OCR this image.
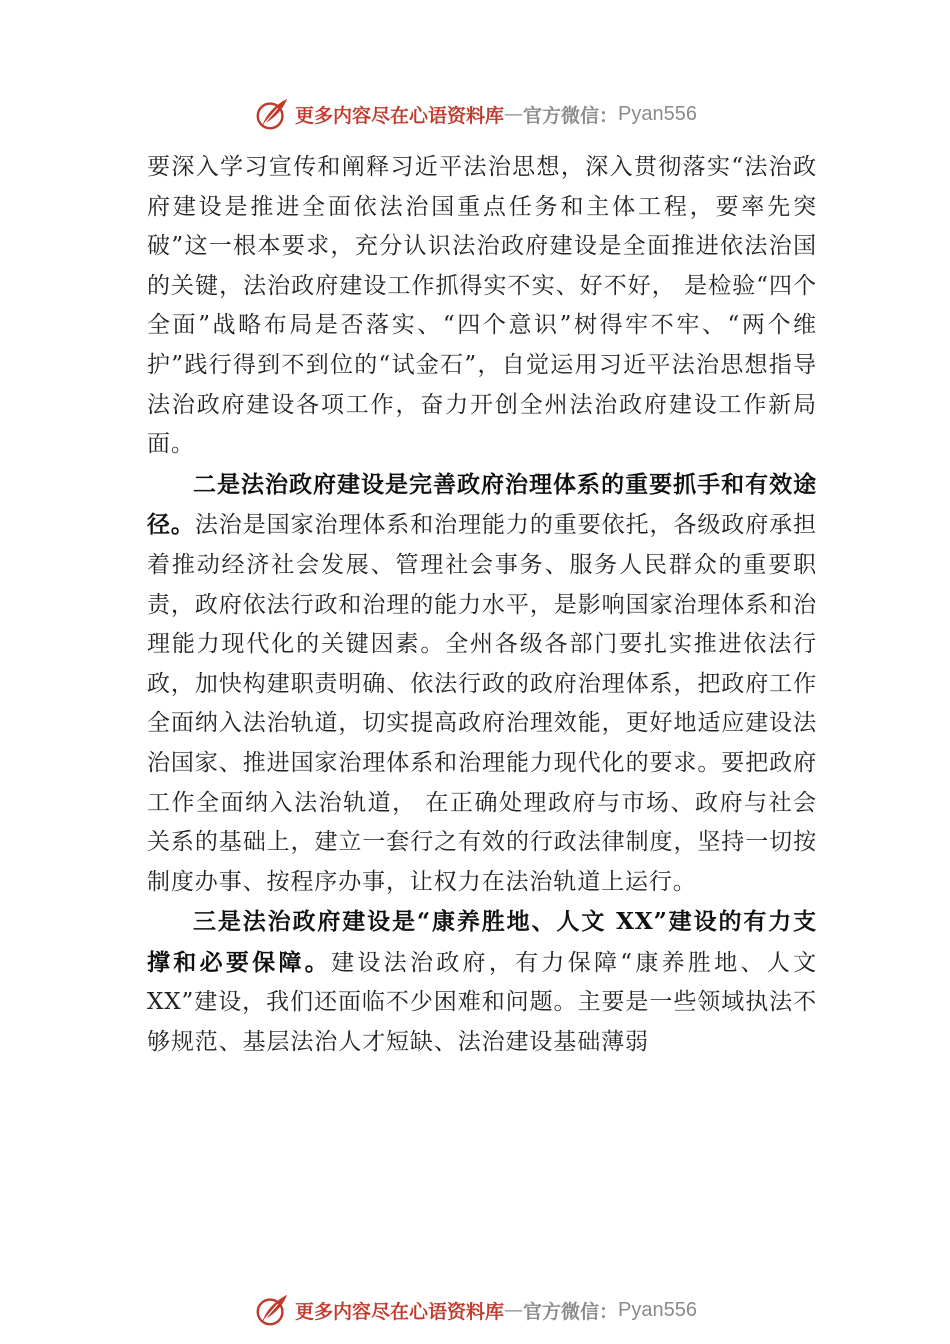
更多内容尽在心语资料库 — 官方微信： Pyan556

要深入学习宣传和阐释习近平法治思想，深入贯彻落实“法治政府建设是推进全面依法治国重点任务和主体工程，要率先突破”这一根本要求，充分认识法治政府建设是全面推进依法治国的关键，法治政府建设工作抓得实不实、好不好， 是检验“四个全面”战略布局是否落实、“四个意识”树得牢不牢、“两个维护”践行得到不到位的“试金石”，自觉运用习近平法治思想指导法治政府建设各项工作，奋力开创全州法治政府建设工作新局面。

二是法治政府建设是完善政府治理体系的重要抓手和有效途径。法治是国家治理体系和治理能力的重要依托，各级政府承担着推动经济社会发展、管理社会事务、服务人民群众的重要职责，政府依法行政和治理的能力水平，是影响国家治理体系和治理能力现代化的关键因素。全州各级各部门要扎实推进依法行政，加快构建职责明确、依法行政的政府治理体系，把政府工作全面纳入法治轨道，切实提高政府治理效能，更好地适应建设法治国家、推进国家治理体系和治理能力现代化的要求。要把政府工作全面纳入法治轨道， 在正确处理政府与市场、政府与社会关系的基础上，建立一套行之有效的行政法律制度，坚持一切按制度办事、按程序办事，让权力在法治轨道上运行。

三是法治政府建设是“康养胜地、人文 XX”建设的有力支撑和必要保障。建设法治政府，有力保障“康养胜地、人文 XX”建设，我们还面临不少困难和问题。主要是一些领域执法不够规范、基层法治人才短缺、法治建设基础薄弱

更多内容尽在心语资料库 — 官方微信： Pyan556
